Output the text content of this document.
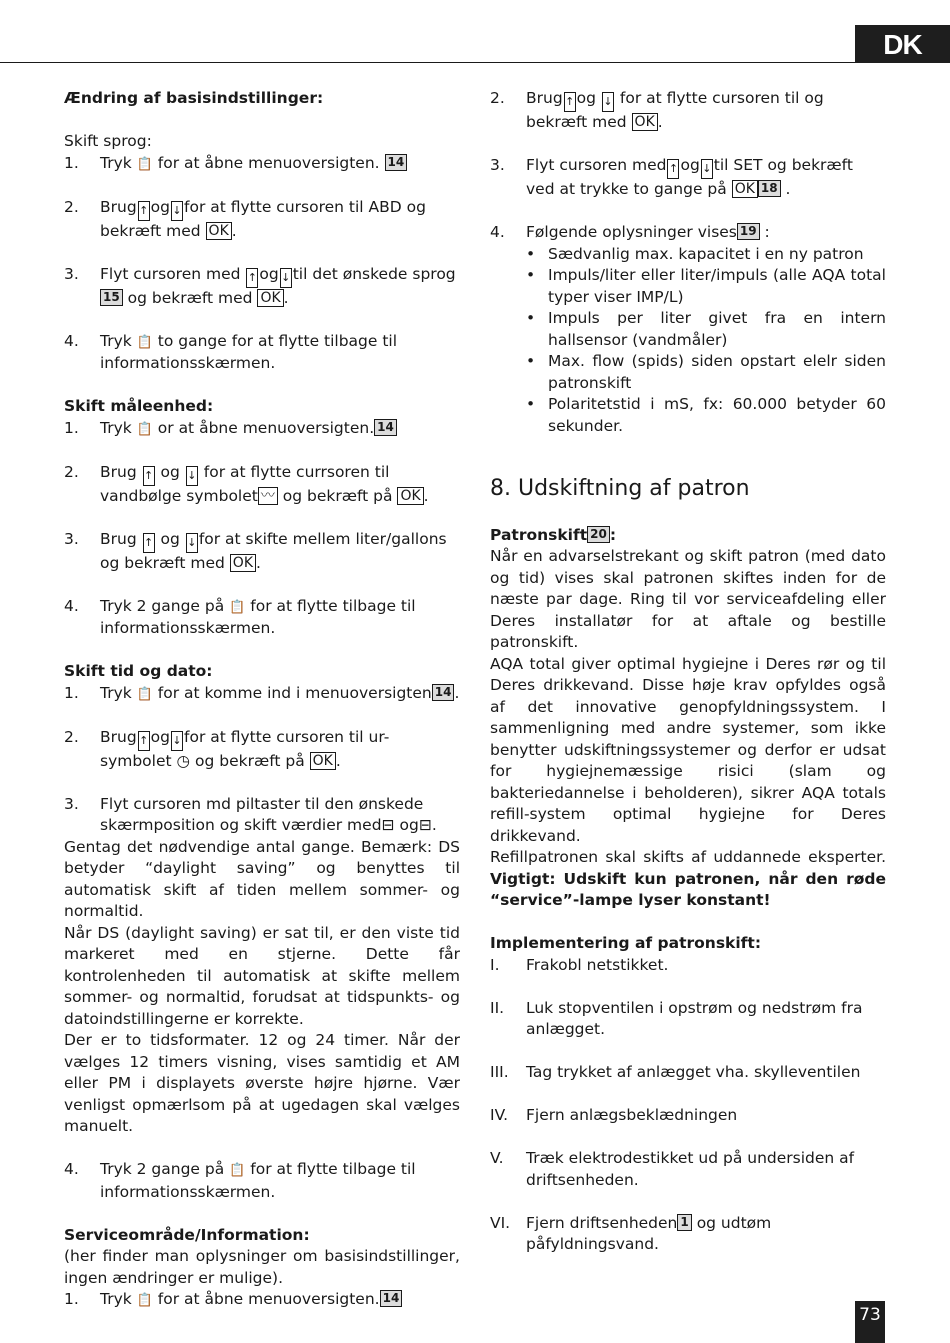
DK
73

Ændring af basisindstillinger:

Skift sprog:
1.	Tryk 📋 for at åbne menuoversigten. 14
2.	Brug ↑ og ↓ for at flytte cursoren til ABD og bekræft med OK .
3.	Flyt cursoren med ↑ og ↓ til det ønskede sprog 15 og bekræft med OK .
4.	Tryk 📋 to gange for at flytte tilbage til informationsskærmen.

Skift måleenhed:

1.	Tryk 📋 or at åbne menuoversigten. 14
2.	Brug ↑ og ↓ for at flytte currsoren til vandbølge symbolet 〰 og bekræft på OK .
3.	Brug ↑ og ↓ for at skifte mellem liter/gallons og bekræft med OK .
4.	Tryk 2 gange på 📋 for at flytte tilbage til informationsskærmen.

Skift tid og dato:

1.	Tryk 📋 for at komme ind i menuoversigten 14 .
2.	Brug ↑ og ↓ for at flytte cursoren til ur-symbolet ◷ og bekræft på OK .
3.	Flyt cursoren md piltaster til den ønskede skærmposition og skift værdier med⊟ og⊟.
Gentag det nødvendige antal gange. Bemærk: DS betyder “daylight saving” og benyttes til automatisk skift af tiden mellem sommer- og normaltid.
Når DS (daylight saving) er sat til, er den viste tid markeret med en stjerne. Dette får kontrolenheden til automatisk at skifte mellem sommer- og normaltid, forudsat at tidspunkts- og datoindstillingerne er korrekte.
Der er to tidsformater. 12 og 24 timer. Når der vælges 12 timers visning, vises samtidig et AM eller PM i displayets øverste højre hjørne. Vær venligst opmærlsom på at ugedagen skal vælges manuelt.
4.	Tryk 2 gange på 📋 for at flytte tilbage til informationsskærmen.

Serviceområde/Information:

(her finder man oplysninger om basisindstillinger, ingen ændringer er mulige).
1.	Tryk 📋 for at åbne menuoversigten. 14
2.	Brug ↑ og ↓ for at flytte cursoren til og bekræft med OK .
3.	Flyt cursoren med ↑ og ↓ til SET og bekræft ved at trykke to gange på OK 18 .
4.	Følgende oplysninger vises 19 :
• Sædvanlig max. kapacitet i en ny patron
• Impuls/liter eller liter/impuls (alle AQA total typer viser IMP/L)
• Impuls per liter givet fra en intern hallsensor (vandmåler)
• Max. flow (spids) siden opstart elelr siden patronskift
• Polaritetstid i mS, fx: 60.000 betyder 60 sekunder.
8. Udskiftning af patron

Patronskift 20 :

Når en advarselstrekant og skift patron (med dato og tid) vises skal patronen skiftes inden for de næste par dage. Ring til vor serviceafdeling eller Deres installatør for at aftale og bestille patronskift.
AQA total giver optimal hygiejne i Deres rør og til Deres drikkevand. Disse høje krav opfyldes også af det innovative genopfyldningssystem. I sammenligning med andre systemer, som ikke benytter udskiftningssystemer og derfor er udsat for hygiejnemæssige risici (slam og bakteriedannelse i beholderen), sikrer AQA totals refill-system optimal hygiejne for Deres drikkevand.
Refillpatronen skal skifts af uddannede eksperter. Vigtigt: Udskift kun patronen, når den røde “service”-lampe lyser konstant!

Implementering af patronskift:

I.	Frakobl netstikket.
II.	Luk stopventilen i opstrøm og nedstrøm fra anlægget.
III.	Tag trykket af anlægget vha. skylleventilen
IV.	Fjern anlægsbeklædningen
V.	Træk elektrodestikket ud på undersiden af driftsenheden.
VI.	Fjern driftsenheden 1 og udtøm påfyldningsvand.
